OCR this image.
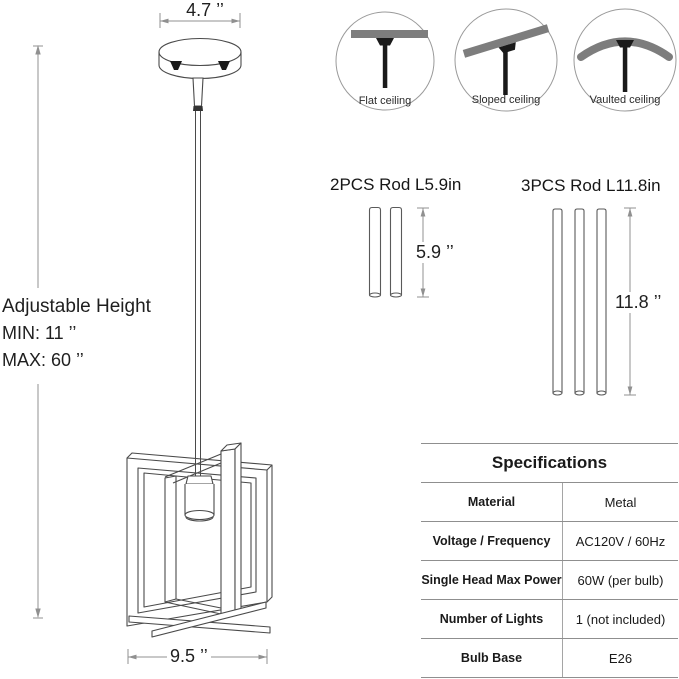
4.7 ’’
Adjustable Height
MIN: 11 ’’
MAX: 60 ’’
9.5 ’’
Flat ceiling	Sloped ceiling	Vaulted ceiling
2PCS Rod L5.9in	3PCS Rod L11.8in
5.9 ’’
11.8 ’’
Specifications
Material	Metal
Voltage / Frequency	AC120V / 60Hz
Single Head Max Power	60W (per bulb)
Number of Lights	1 (not included)
Bulb Base	E26
